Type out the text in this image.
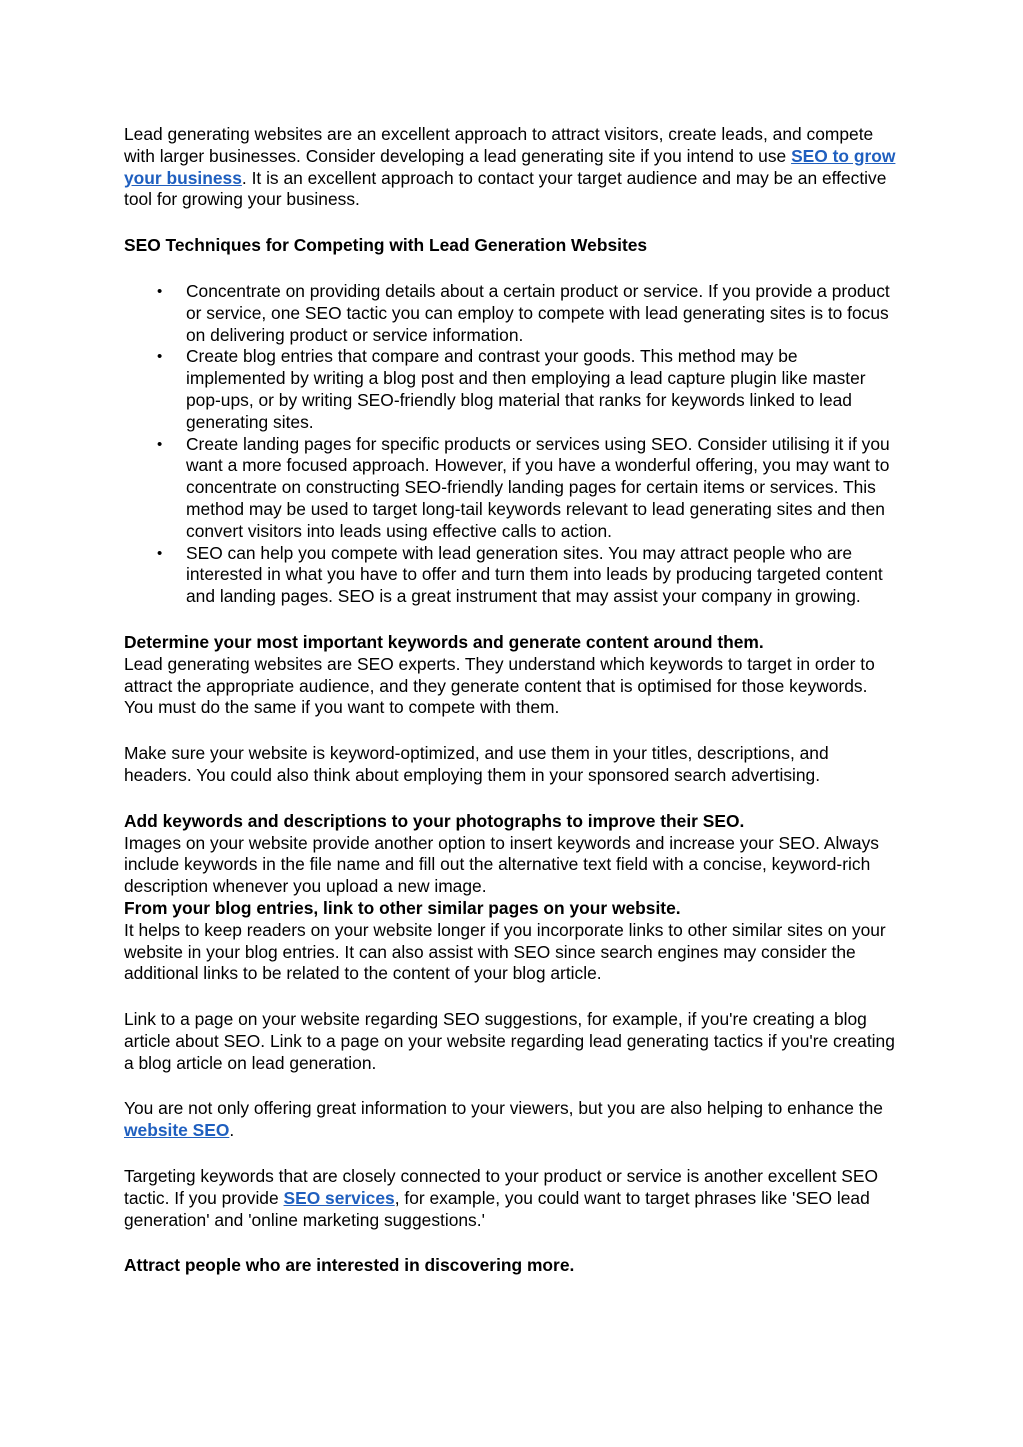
Lead generating websites are an excellent approach to attract visitors, create leads, and compete with larger businesses. Consider developing a lead generating site if you intend to use SEO to grow your business. It is an excellent approach to contact your target audience and may be an effective tool for growing your business.

SEO Techniques for Competing with Lead Generation Websites

• Concentrate on providing details about a certain product or service. If you provide a product or service, one SEO tactic you can employ to compete with lead generating sites is to focus on delivering product or service information.
• Create blog entries that compare and contrast your goods. This method may be implemented by writing a blog post and then employing a lead capture plugin like master pop-ups, or by writing SEO-friendly blog material that ranks for keywords linked to lead generating sites.
• Create landing pages for specific products or services using SEO. Consider utilising it if you want a more focused approach. However, if you have a wonderful offering, you may want to concentrate on constructing SEO-friendly landing pages for certain items or services. This method may be used to target long-tail keywords relevant to lead generating sites and then convert visitors into leads using effective calls to action.
• SEO can help you compete with lead generation sites. You may attract people who are interested in what you have to offer and turn them into leads by producing targeted content and landing pages. SEO is a great instrument that may assist your company in growing.

Determine your most important keywords and generate content around them.

Lead generating websites are SEO experts. They understand which keywords to target in order to attract the appropriate audience, and they generate content that is optimised for those keywords. You must do the same if you want to compete with them.

Make sure your website is keyword-optimized, and use them in your titles, descriptions, and headers. You could also think about employing them in your sponsored search advertising.

Add keywords and descriptions to your photographs to improve their SEO.

Images on your website provide another option to insert keywords and increase your SEO. Always include keywords in the file name and fill out the alternative text field with a concise, keyword-rich description whenever you upload a new image.

From your blog entries, link to other similar pages on your website.

It helps to keep readers on your website longer if you incorporate links to other similar sites on your website in your blog entries. It can also assist with SEO since search engines may consider the additional links to be related to the content of your blog article.

Link to a page on your website regarding SEO suggestions, for example, if you're creating a blog article about SEO. Link to a page on your website regarding lead generating tactics if you're creating a blog article on lead generation.

You are not only offering great information to your viewers, but you are also helping to enhance the website SEO.

Targeting keywords that are closely connected to your product or service is another excellent SEO tactic. If you provide SEO services, for example, you could want to target phrases like 'SEO lead generation' and 'online marketing suggestions.'

Attract people who are interested in discovering more.
